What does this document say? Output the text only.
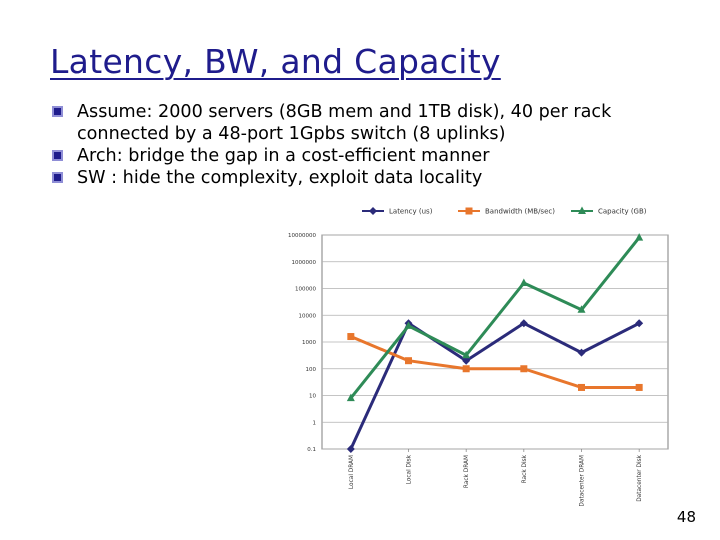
Latency, BW, and Capacity
Assume: 2000 servers (8GB mem and 1TB disk), 40 per rack connected by a 48-port 1Gpbs switch (8 uplinks)
Arch: bridge the gap in a cost-efficient manner
SW : hide the complexity, exploit data locality
10000000
1000000
100000
10000
1000
100
10
1
0.1
Local DRAM	Local Disk	Rack DRAM	Rack Disk	Datacenter DRAM	Datacenter Disk
Latency (us)	Bandwidth (MB/sec)	Capacity (GB)
48
